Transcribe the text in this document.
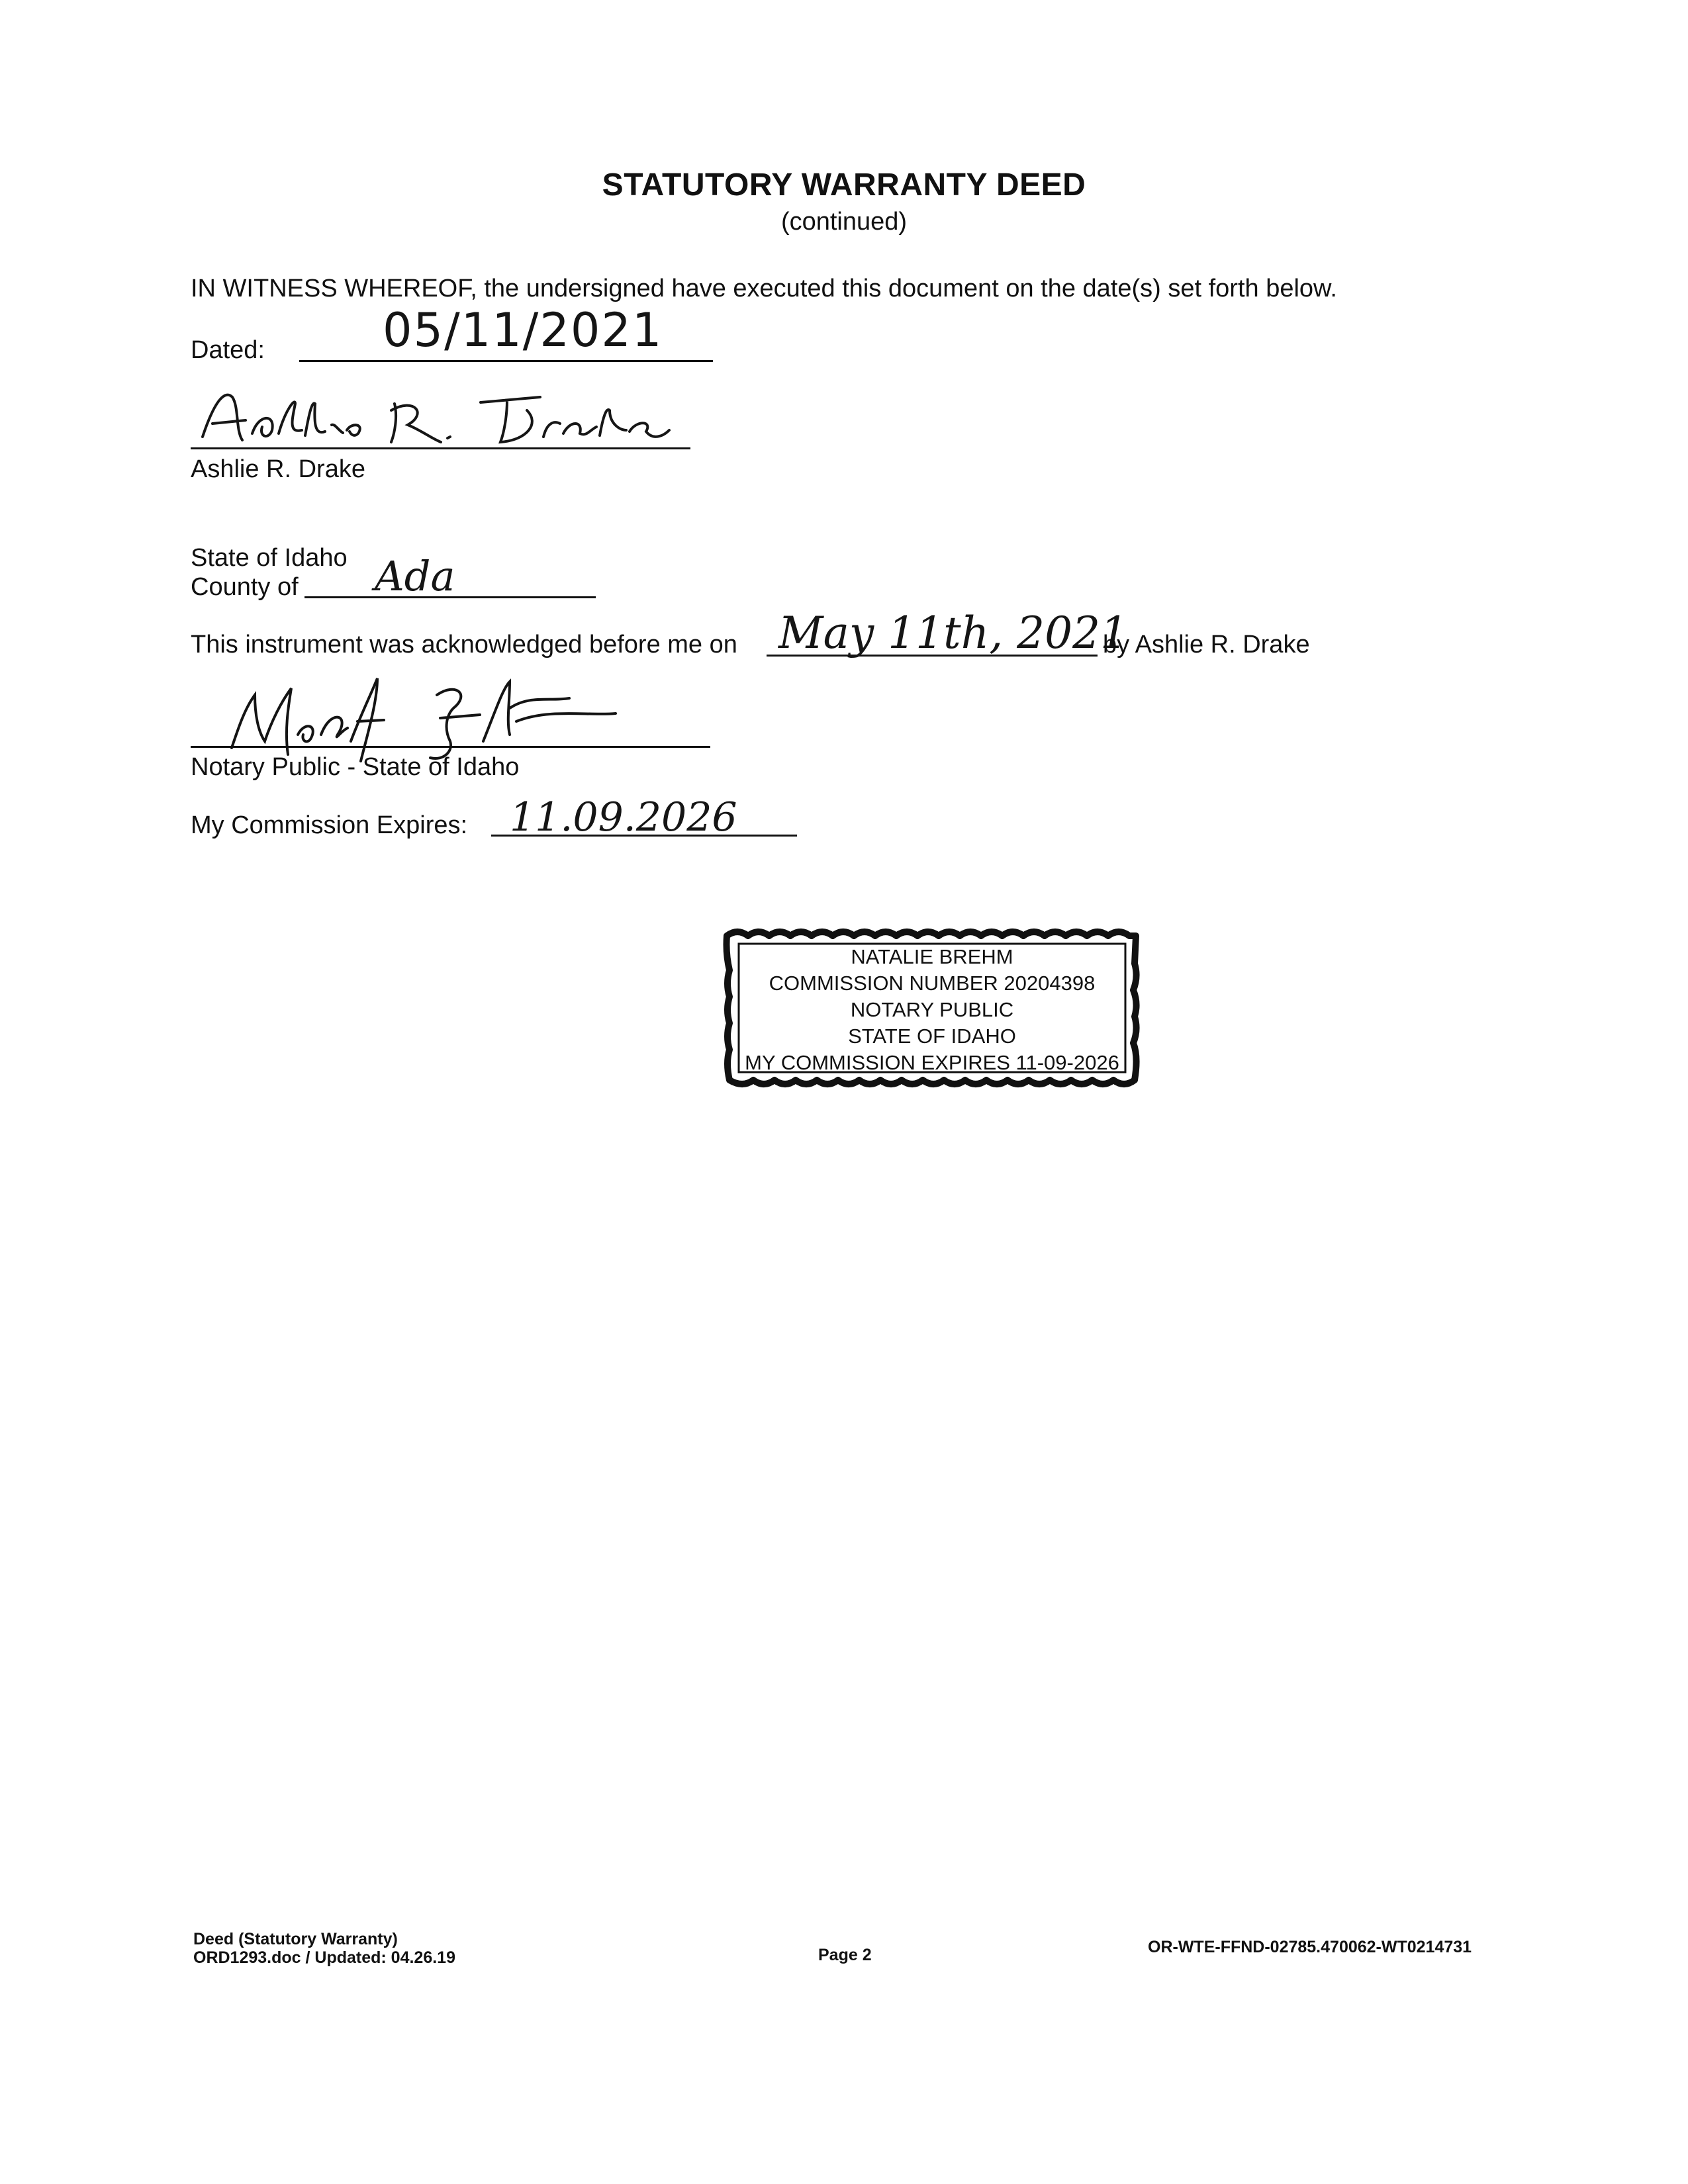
STATUTORY WARRANTY DEED
(continued)
IN WITNESS WHEREOF, the undersigned have executed this document on the date(s) set forth below.
Dated:	05/11/2021
Ashlie R. Drake
State of Idaho
County of Ada
This instrument was acknowledged before me on May 11th, 2021
by Ashlie R. Drake
Notary Public - State of Idaho
My Commission Expires: 11.09.2026
NATALIE BREHM
COMMISSION NUMBER 20204398
NOTARY PUBLIC
STATE OF IDAHO
MY COMMISSION EXPIRES 11-09-2026
Deed (Statutory Warranty)
ORD1293.doc / Updated: 04.26.19	Page 2	OR-WTE-FFND-02785.470062-WT0214731
